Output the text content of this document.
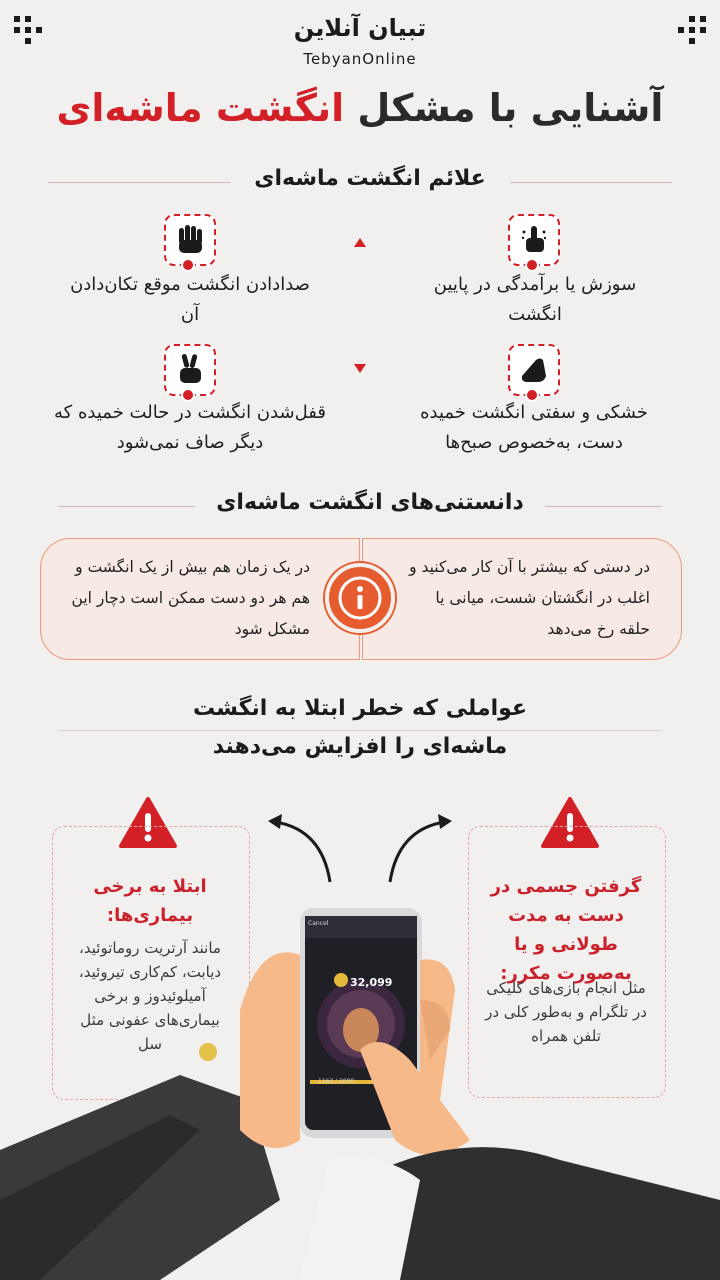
تبیان آنلاین
TebyanOnline
آشنایی با مشکل انگشت ماشه‌ای
علائم انگشت ماشه‌ای
سوزش یا برآمدگی در پایین انگشت
صدادادن انگشت موقع تکان‌دادن آن
خشکی و سفتی انگشت خمیده دست، به‌خصوص صبح‌ها
قفل‌شدن انگشت در حالت خمیده که دیگر صاف نمی‌شود
دانستنی‌های انگشت ماشه‌ای
در دستی که بیشتر با آن کار می‌کنید و اغلب در انگشتان شست، میانی یا حلقه رخ می‌دهد
در یک زمان هم بیش از یک انگشت و هم هر دو دست ممکن است دچار این مشکل شود
عواملی که خطر ابتلا به انگشت
ماشه‌ای را افزایش می‌دهند
گرفتن جسمی در دست به مدت طولانی و یا به‌صورت مکرر:
مثل انجام بازی‌های کلیکی در تلگرام و به‌طور کلی در تلفن همراه
ابتلا به برخی بیماری‌ها:
مانند آرتریت روماتوئید، دیابت، کم‌کاری تیروئید، آمیلوئیدوز و برخی بیماری‌های عفونی مثل سل
Cancel
32,099
1162 / 2000
